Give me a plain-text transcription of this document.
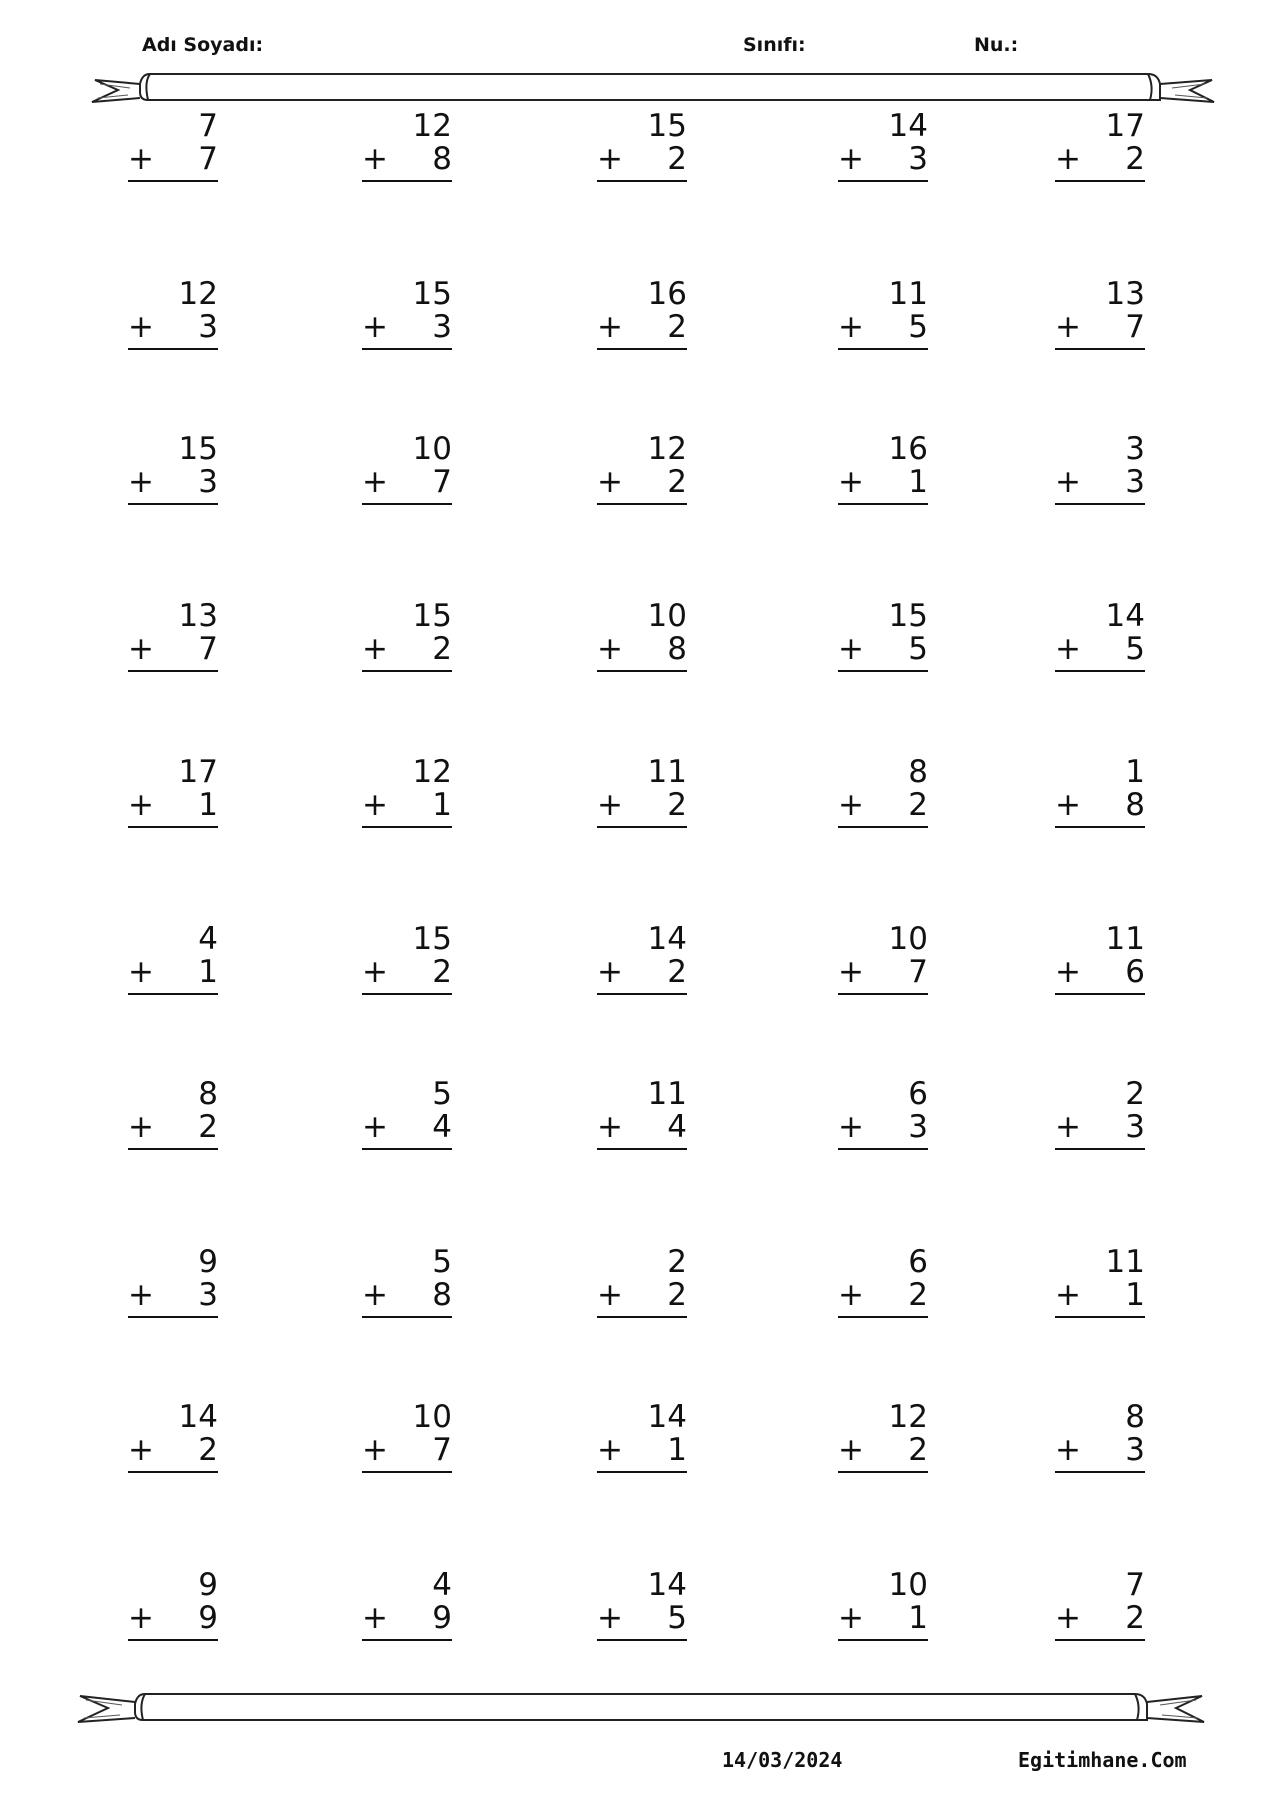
Adı Soyadı:	Sınıfı:	Nu.:
7
+ 7
12
+ 8
15
+ 2
14
+ 3
17
+ 2
12
+ 3
15
+ 3
16
+ 2
11
+ 5
13
+ 7
15
+ 3
10
+ 7
12
+ 2
16
+ 1
3
+ 3
13
+ 7
15
+ 2
10
+ 8
15
+ 5
14
+ 5
17
+ 1
12
+ 1
11
+ 2
8
+ 2
1
+ 8
4
+ 1
15
+ 2
14
+ 2
10
+ 7
11
+ 6
8
+ 2
5
+ 4
11
+ 4
6
+ 3
2
+ 3
9
+ 3
5
+ 8
2
+ 2
6
+ 2
11
+ 1
14
+ 2
10
+ 7
14
+ 1
12
+ 2
8
+ 3
9
+ 9
4
+ 9
14
+ 5
10
+ 1
7
+ 2
14/03/2024	Egitimhane.Com
